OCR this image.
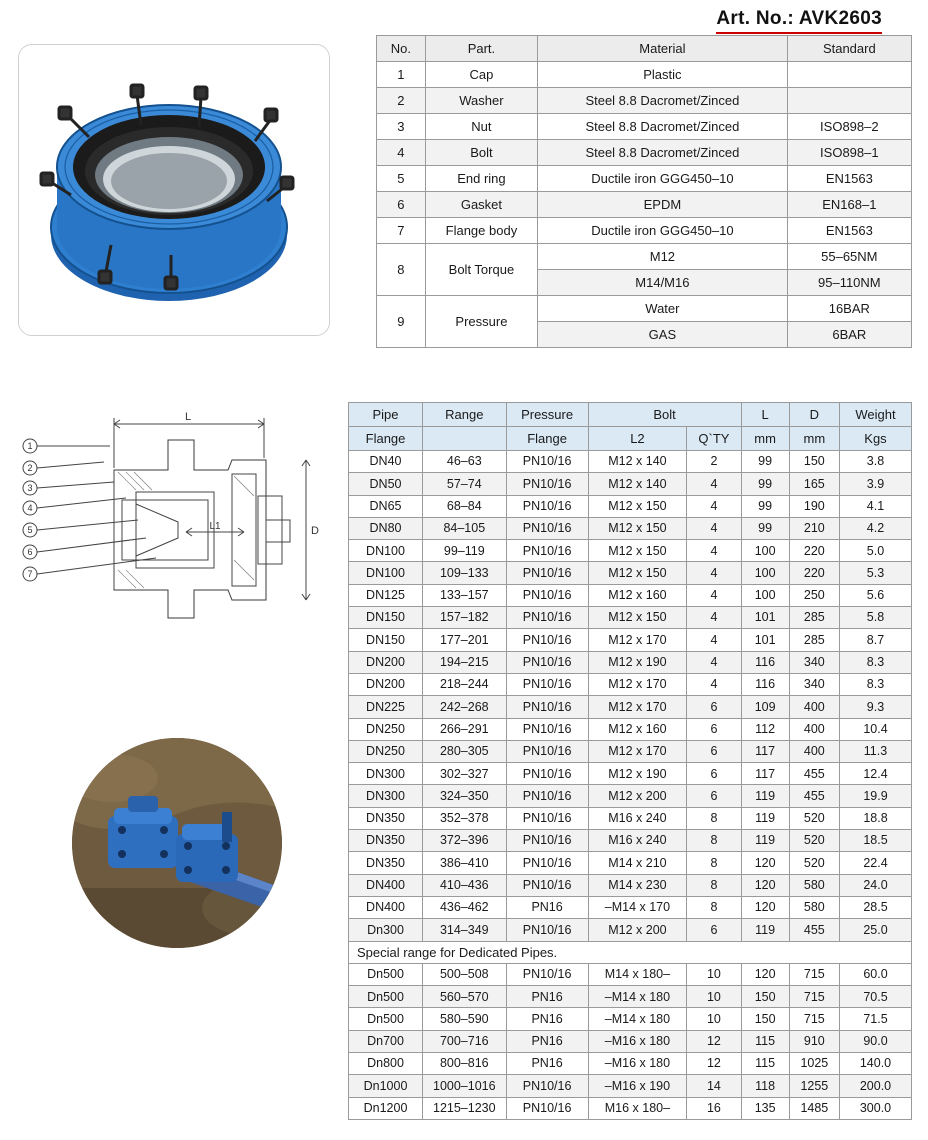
Art. No.: AVK2603
1
2
3
4
5
6
7
L
D
L1
No.	Part.	Material	Standard
1	Cap	Plastic	
2	Washer	Steel 8.8 Dacromet/Zinced	
3	Nut	Steel 8.8 Dacromet/Zinced	ISO898–2
4	Bolt	Steel 8.8 Dacromet/Zinced	ISO898–1
5	End ring	Ductile iron GGG450–10	EN1563
6	Gasket	EPDM	EN168–1
7	Flange body	Ductile iron GGG450–10	EN1563
8	Bolt Torque	M12	55–65NM
		M14/M16	95–110NM
9	Pressure	Water	16BAR
		GAS	6BAR
Pipe	Range	Pressure	Bolt		L	D	Weight
Flange		Flange	L2	Q`TY	mm	mm	Kgs
DN40	46–63	PN10/16	M12 x 140	2	99	150	3.8
DN50	57–74	PN10/16	M12 x 140	4	99	165	3.9
DN65	68–84	PN10/16	M12 x 150	4	99	190	4.1
DN80	84–105	PN10/16	M12 x 150	4	99	210	4.2
DN100	99–119	PN10/16	M12 x 150	4	100	220	5.0
DN100	109–133	PN10/16	M12 x 150	4	100	220	5.3
DN125	133–157	PN10/16	M12 x 160	4	100	250	5.6
DN150	157–182	PN10/16	M12 x 150	4	101	285	5.8
DN150	177–201	PN10/16	M12 x 170	4	101	285	8.7
DN200	194–215	PN10/16	M12 x 190	4	116	340	8.3
DN200	218–244	PN10/16	M12 x 170	4	116	340	8.3
DN225	242–268	PN10/16	M12 x 170	6	109	400	9.3
DN250	266–291	PN10/16	M12 x 160	6	112	400	10.4
DN250	280–305	PN10/16	M12 x 170	6	117	400	11.3
DN300	302–327	PN10/16	M12 x 190	6	117	455	12.4
DN300	324–350	PN10/16	M12 x 200	6	119	455	19.9
DN350	352–378	PN10/16	M16 x 240	8	119	520	18.8
DN350	372–396	PN10/16	M16 x 240	8	119	520	18.5
DN350	386–410	PN10/16	M14 x 210	8	120	520	22.4
DN400	410–436	PN10/16	M14 x 230	8	120	580	24.0
DN400	436–462	PN16	–M14 x 170	8	120	580	28.5
Dn300	314–349	PN10/16	M12 x 200	6	119	455	25.0
Special range for Dedicated Pipes.							
Dn500	500–508	PN10/16	M14 x 180–	10	120	715	60.0
Dn500	560–570	PN16	–M14 x 180	10	150	715	70.5
Dn500	580–590	PN16	–M14 x 180	10	150	715	71.5
Dn700	700–716	PN16	–M16 x 180	12	115	910	90.0
Dn800	800–816	PN16	–M16 x 180	12	115	1025	140.0
Dn1000	1000–1016	PN10/16	–M16 x 190	14	118	1255	200.0
Dn1200	1215–1230	PN10/16	M16 x 180–	16	135	1485	300.0
